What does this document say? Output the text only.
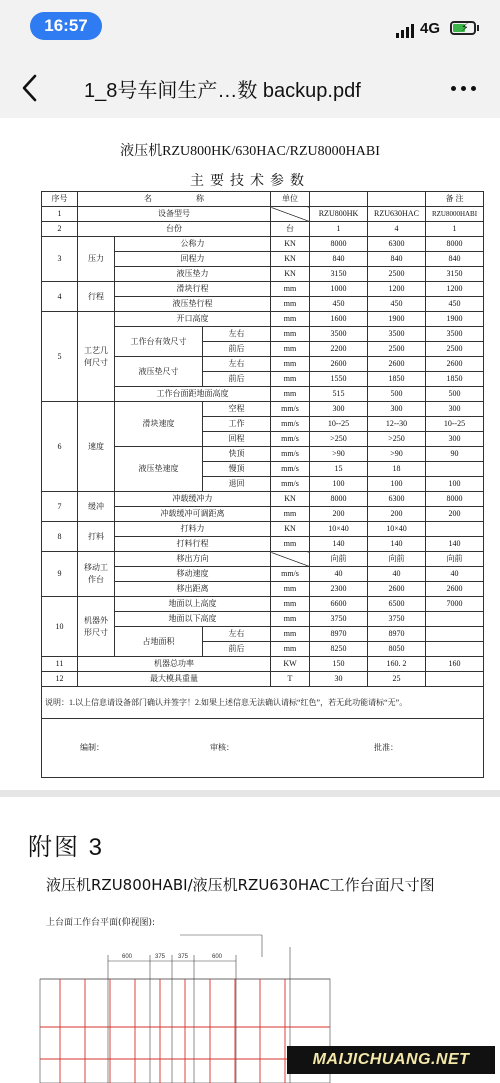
16:57	4G ⚡
1_8号车间生产…数 backup.pdf
液压机RZU800HK/630HAC/RZU8000HABI
主要技术参数
序号	名 称			单位			备 注
1	设备型号				RZU800HK	RZU630HAC	RZU8000HABI
2	台份			台	1	4	1
3	压力	公称力		KN	8000	6300	8000
		回程力		KN	840	840	840
		液压垫力		KN	3150	2500	3150
4	行程	滑块行程		mm	1000	1200	1200
		液压垫行程		mm	450	450	450
5	工艺几何尺寸	开口高度		mm	1600	1900	1900
		工作台有效尺寸	左右	mm	3500	3500	3500
			前后	mm	2200	2500	2500
		液压垫尺寸	左右	mm	2600	2600	2600
			前后	mm	1550	1850	1850
		工作台面距地面高度		mm	515	500	500
6	速度	滑块速度	空程	mm/s	300	300	300
			工作	mm/s	10--25	12--30	10--25
			回程	mm/s	>250	>250	300
		液压垫速度	快顶	mm/s	>90	>90	90
			慢顶	mm/s	15	18	
			退回	mm/s	100	100	100
7	缓冲	冲载缓冲力		KN	8000	6300	8000
		冲载缓冲可调距离		mm	200	200	200
8	打料	打料力		KN	10×40	10×40	
		打料行程		mm	140	140	140
9	移动工作台	移出方向			向前	向前	向前
		移动速度		mm/s	40	40	40
		移出距离		mm	2300	2600	2600
10	机器外形尺寸	地面以上高度		mm	6600	6500	7000
		地面以下高度		mm	3750	3750	
		占地面积	左右	mm	8970	8970	
			前后	mm	8250	8050	
11	机器总功率			KW	150	160. 2	160
12	最大模具重量			T	30	25	
说明：1.以上信息请设备部门确认并签字！2.如果上述信息无法确认请标“红色”，若无此功能请标“无”。							
编制： 审核： 批准：							
附图 3
液压机RZU800HABI/液压机RZU630HAC工作台面尺寸图
上台面工作台平面(仰视图):
600	375 375	600
MAIJICHUANG.NET
